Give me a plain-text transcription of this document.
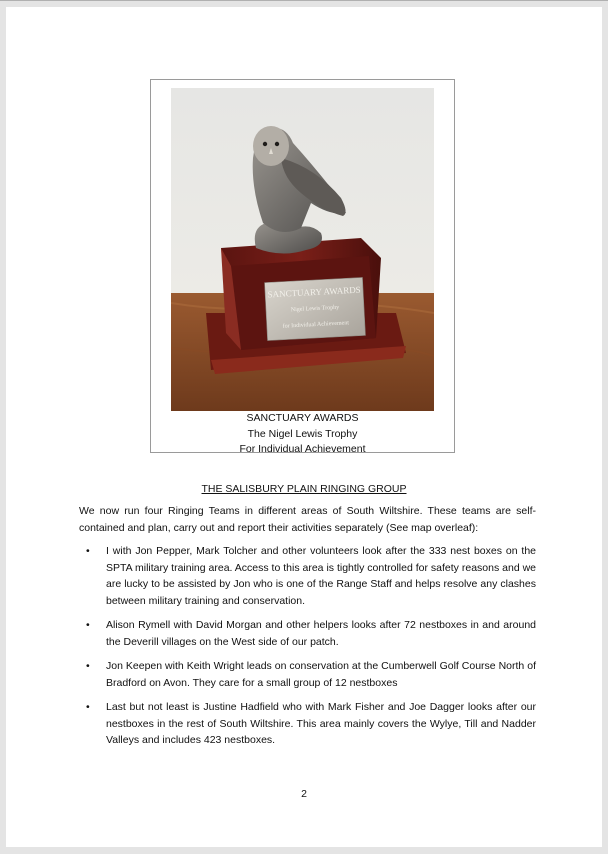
SANCTUARY AWARDS
Nigel Lewis Trophy
for Individual Achievement
SANCTUARY AWARDS
The Nigel Lewis Trophy
For Individual Achievement
THE SALISBURY PLAIN RINGING GROUP
We now run four Ringing Teams in different areas of South Wiltshire. These teams are self-contained and plan, carry out and report their activities separately (See map overleaf):
• I with Jon Pepper, Mark Tolcher and other volunteers look after the 333 nest boxes on the SPTA military training area. Access to this area is tightly controlled for safety reasons and we are lucky to be assisted by Jon who is one of the Range Staff and helps resolve any clashes between military training and conservation.
• Alison Rymell with David Morgan and other helpers looks after 72 nestboxes in and around the Deverill villages on the West side of our patch.
• Jon Keepen with Keith Wright leads on conservation at the Cumberwell Golf Course North of Bradford on Avon. They care for a small group of 12 nestboxes
• Last but not least is Justine Hadfield who with Mark Fisher and Joe Dagger looks after our nestboxes in the rest of South Wiltshire. This area mainly covers the Wylye, Till and Nadder Valleys and includes 423 nestboxes.
2
